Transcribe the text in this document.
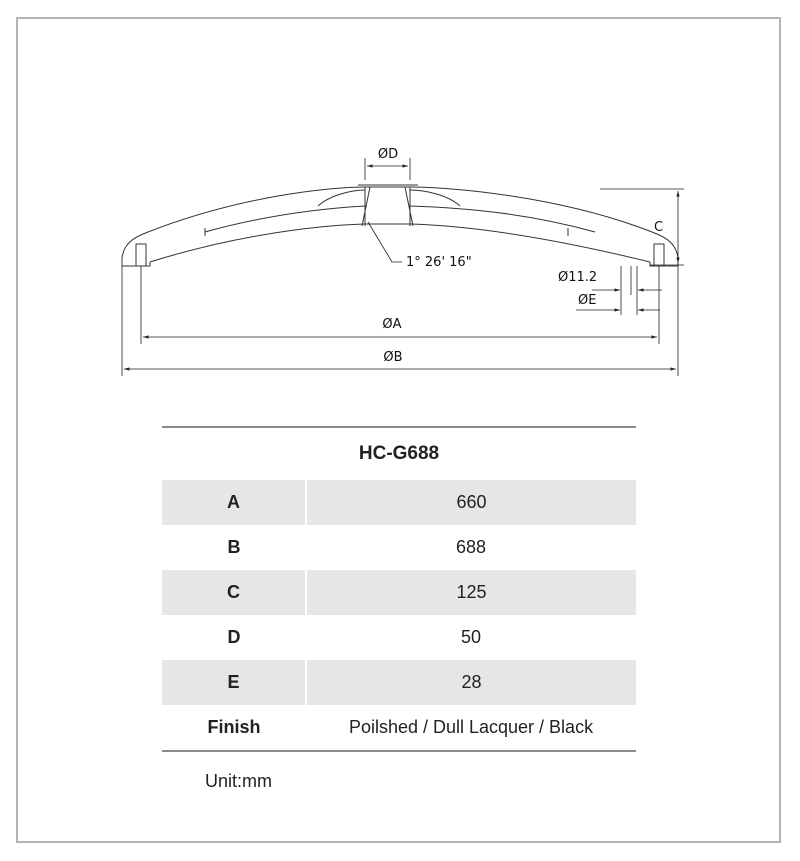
ØD
C
1° 26' 16"
Ø11.2
ØE
ØA
ØB
HC-G688	
A	660
B	688
C	125
D	50
E	28
Finish	Poilshed / Dull Lacquer / Black
Unit:mm
